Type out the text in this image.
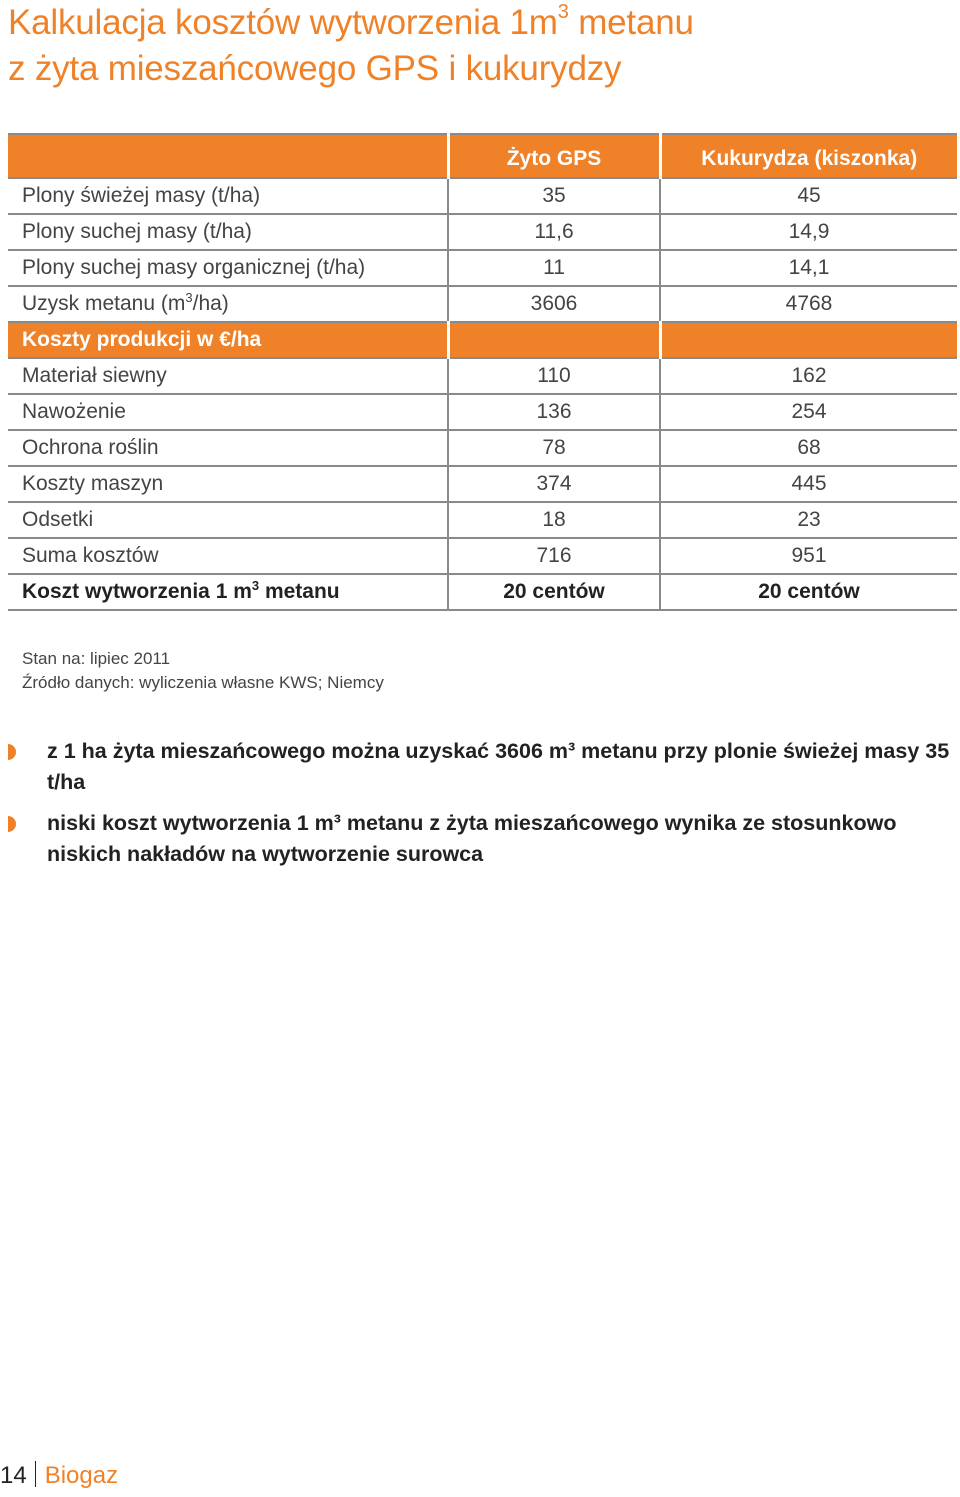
Kalkulacja kosztów wytworzenia $1m^3$ metanu
z żyta mieszańcowego GPS i kukurydzy
	Żyto GPS	Kukurydza (kiszonka)
Plony świeżej masy (t/ha)	35	45
Plony suchej masy (t/ha)	11,6	14,9
Plony suchej masy organicznej (t/ha)	11	14,1
Uzysk metanu $(m^3/ha)$	3606	4768
Koszty produkcji w €/ha		
Materiał siewny	110	162
Nawożenie	136	254
Ochrona roślin	78	68
Koszty maszyn	374	445
Odsetki	18	23
Suma kosztów	716	951
Koszt wytworzenia 1 $m^3$ metanu	20 centów	20 centów
Stan na: lipiec 2011
Źródło danych: wyliczenia własne KWS; Niemcy
z 1 ha żyta mieszańcowego można uzyskać 3606 m³ metanu przy plonie świeżej masy 35 t/ha
niski koszt wytworzenia 1 m³ metanu z żyta mieszańcowego wynika ze stosunkowo niskich nakładów na wytworzenie surowca
14 Biogaz
